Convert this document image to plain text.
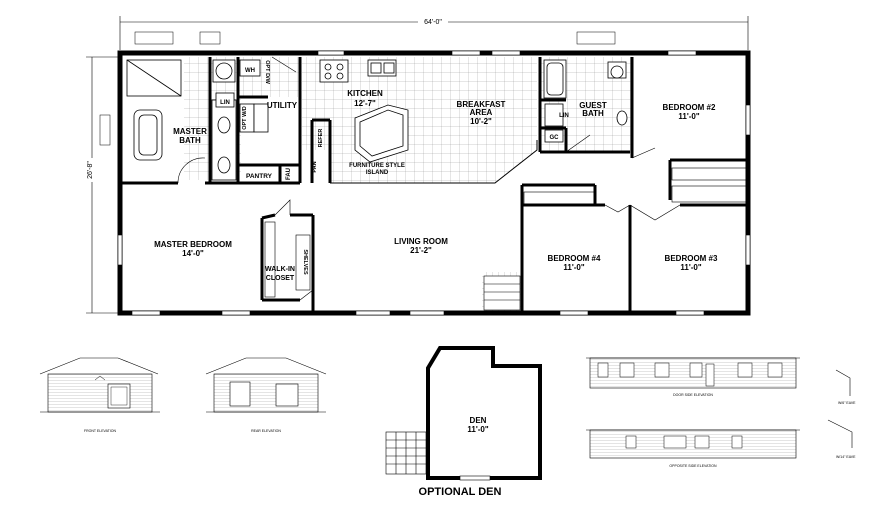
64'-0"
26'-8"
KITCHEN
12'-7"	BREAKFAST
AREA
10'-2"
GUEST
BATH
BEDROOM #2
11'-0"
MASTER
BATH
UTILITY
MASTER BEDROOM
14'-0"
LIVING ROOM
21'-2"
BEDROOM #4
11'-0"
BEDROOM #3
11'-0"
WALK-IN
CLOSET
WH OPT D/W
OPT W/D
LIN
LIN
GC
PANTRY FAU
PAN
REFER
SHELVES
FURNITURE STYLE
ISLAND
DEN
11'-0"
FRONT ELEVATION	REAR ELEVATION
DOOR SIDE ELEVATION
OPPOSITE SIDE ELEVATION
W/6" EAVE
W/14" EAVE
OPTIONAL DEN
